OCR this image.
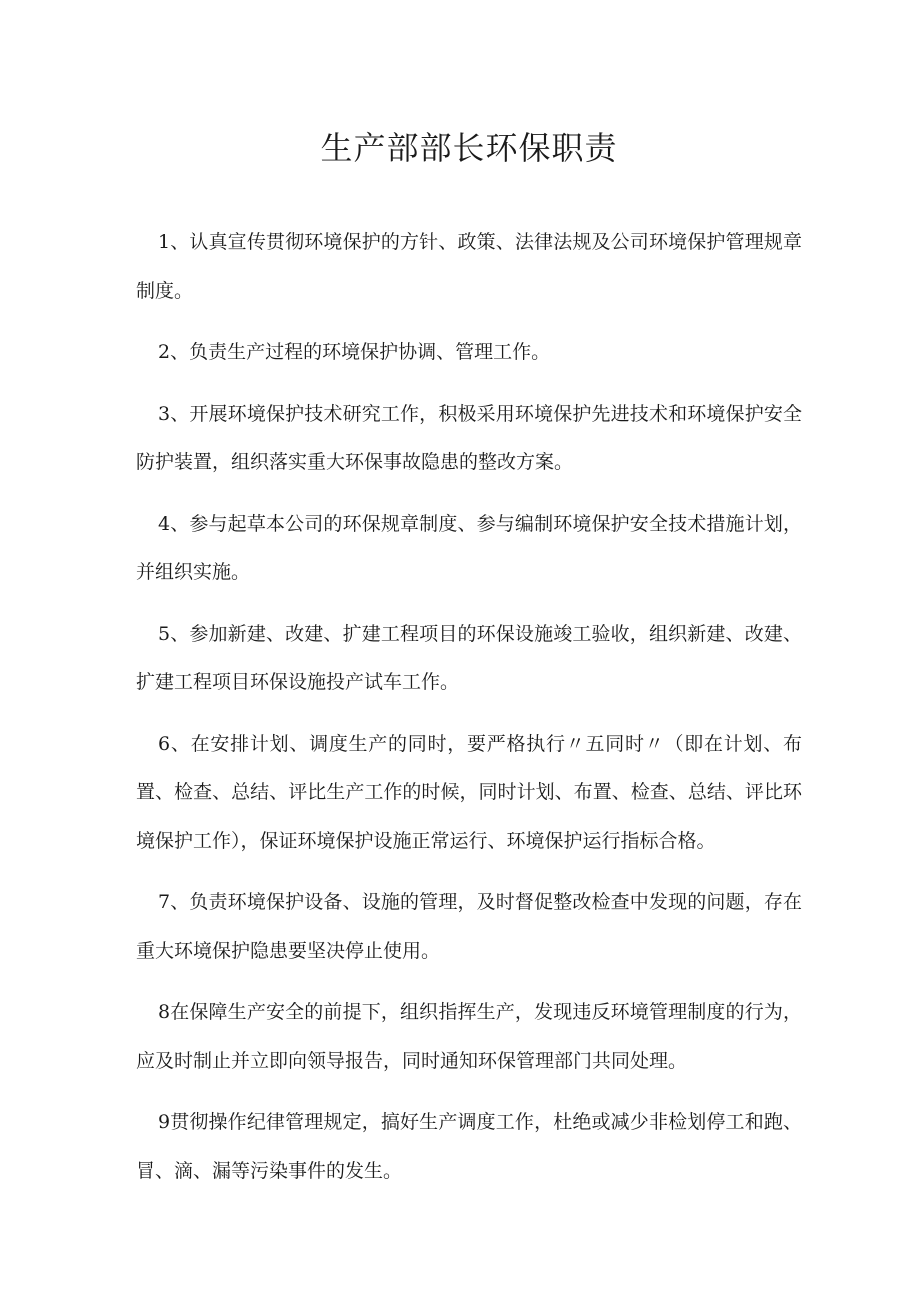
生产部部长环保职责

1、认真宣传贯彻环境保护的方针、政策、法律法规及公司环境保护管理规章制度。

2、负责生产过程的环境保护协调、管理工作。

3、开展环境保护技术研究工作，积极采用环境保护先进技术和环境保护安全防护装置，组织落实重大环保事故隐患的整改方案。

4、参与起草本公司的环保规章制度、参与编制环境保护安全技术措施计划，并组织实施。

5、参加新建、改建、扩建工程项目的环保设施竣工验收，组织新建、改建、扩建工程项目环保设施投产试车工作。

6、在安排计划、调度生产的同时，要严格执行〃五同时〃（即在计划、布置、检查、总结、评比生产工作的时候，同时计划、布置、检查、总结、评比环境保护工作），保证环境保护设施正常运行、环境保护运行指标合格。

7、负责环境保护设备、设施的管理，及时督促整改检查中发现的问题，存在重大环境保护隐患要坚决停止使用。

8在保障生产安全的前提下，组织指挥生产，发现违反环境管理制度的行为，应及时制止并立即向领导报告，同时通知环保管理部门共同处理。

9贯彻操作纪律管理规定，搞好生产调度工作，杜绝或减少非检划停工和跑、冒、滴、漏等污染事件的发生。
